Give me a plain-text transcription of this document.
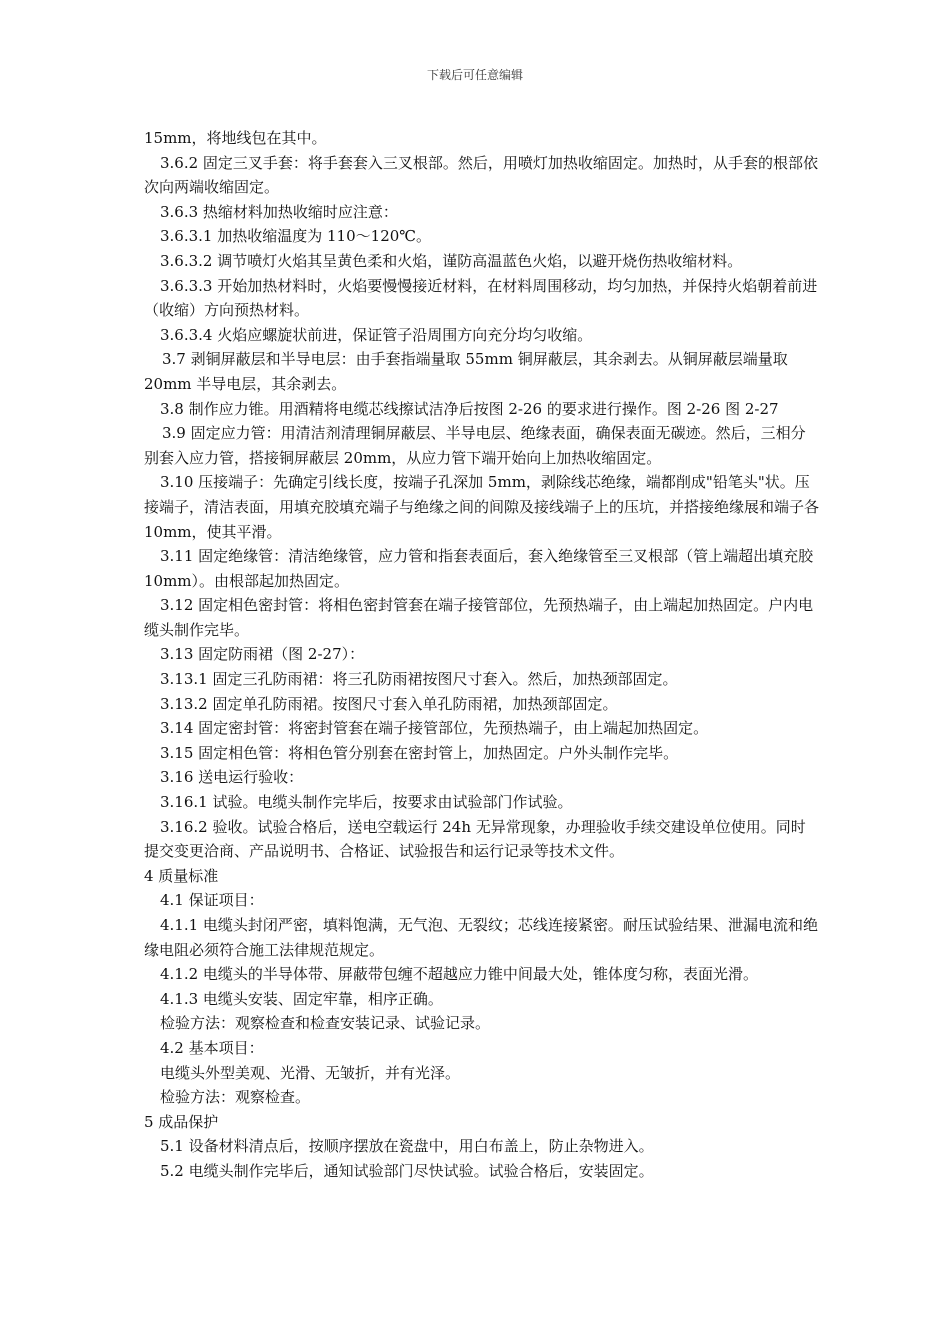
下载后可任意编辑

15mm，将地线包在其中。

3.6.2 固定三叉手套：将手套套入三叉根部。然后，用喷灯加热收缩固定。加热时，从手套的根部依次向两端收缩固定。

3.6.3 热缩材料加热收缩时应注意：

3.6.3.1 加热收缩温度为 110～120℃。

3.6.3.2 调节喷灯火焰其呈黄色柔和火焰，谨防高温蓝色火焰，以避开烧伤热收缩材料。

3.6.3.3 开始加热材料时，火焰要慢慢接近材料，在材料周围移动，均匀加热，并保持火焰朝着前进（收缩）方向预热材料。

3.6.3.4 火焰应螺旋状前进，保证管子沿周围方向充分均匀收缩。

3.7 剥铜屏蔽层和半导电层：由手套指端量取 55mm 铜屏蔽层，其余剥去。从铜屏蔽层端量取 20mm 半导电层，其余剥去。

3.8 制作应力锥。用酒精将电缆芯线擦试洁净后按图 2-26 的要求进行操作。图 2-26 图 2-27

3.9 固定应力管：用清洁剂清理铜屏蔽层、半导电层、绝缘表面，确保表面无碳迹。然后，三相分别套入应力管，搭接铜屏蔽层 20mm，从应力管下端开始向上加热收缩固定。

3.10 压接端子：先确定引线长度，按端子孔深加 5mm，剥除线芯绝缘，端都削成"铅笔头"状。压接端子，清洁表面，用填充胶填充端子与绝缘之间的间隙及接线端子上的压坑，并搭接绝缘展和端子各 10mm，使其平滑。

3.11 固定绝缘管：清洁绝缘管，应力管和指套表面后，套入绝缘管至三叉根部（管上端超出填充胶 10mm）。由根部起加热固定。

3.12 固定相色密封管：将相色密封管套在端子接管部位，先预热端子，由上端起加热固定。户内电缆头制作完毕。

3.13 固定防雨裙（图 2-27）：

3.13.1 固定三孔防雨裙：将三孔防雨裙按图尺寸套入。然后，加热颈部固定。

3.13.2 固定单孔防雨裙。按图尺寸套入单孔防雨裙，加热颈部固定。

3.14 固定密封管：将密封管套在端子接管部位，先预热端子，由上端起加热固定。

3.15 固定相色管：将相色管分别套在密封管上，加热固定。户外头制作完毕。

3.16 送电运行验收：

3.16.1 试验。电缆头制作完毕后，按要求由试验部门作试验。

3.16.2 验收。试验合格后，送电空载运行 24h 无异常现象，办理验收手续交建设单位使用。同时提交变更洽商、产品说明书、合格证、试验报告和运行记录等技术文件。

4 质量标准

4.1 保证项目：

4.1.1 电缆头封闭严密，填料饱满，无气泡、无裂纹；芯线连接紧密。耐压试验结果、泄漏电流和绝缘电阻必须符合施工法律规范规定。

4.1.2 电缆头的半导体带、屏蔽带包缠不超越应力锥中间最大处，锥体度匀称，表面光滑。

4.1.3 电缆头安装、固定牢靠，相序正确。

检验方法：观察检查和检查安装记录、试验记录。

4.2 基本项目：

电缆头外型美观、光滑、无皱折，并有光泽。

检验方法：观察检查。

5 成品保护

5.1 设备材料清点后，按顺序摆放在瓷盘中，用白布盖上，防止杂物进入。

5.2 电缆头制作完毕后，通知试验部门尽快试验。试验合格后，安装固定。
